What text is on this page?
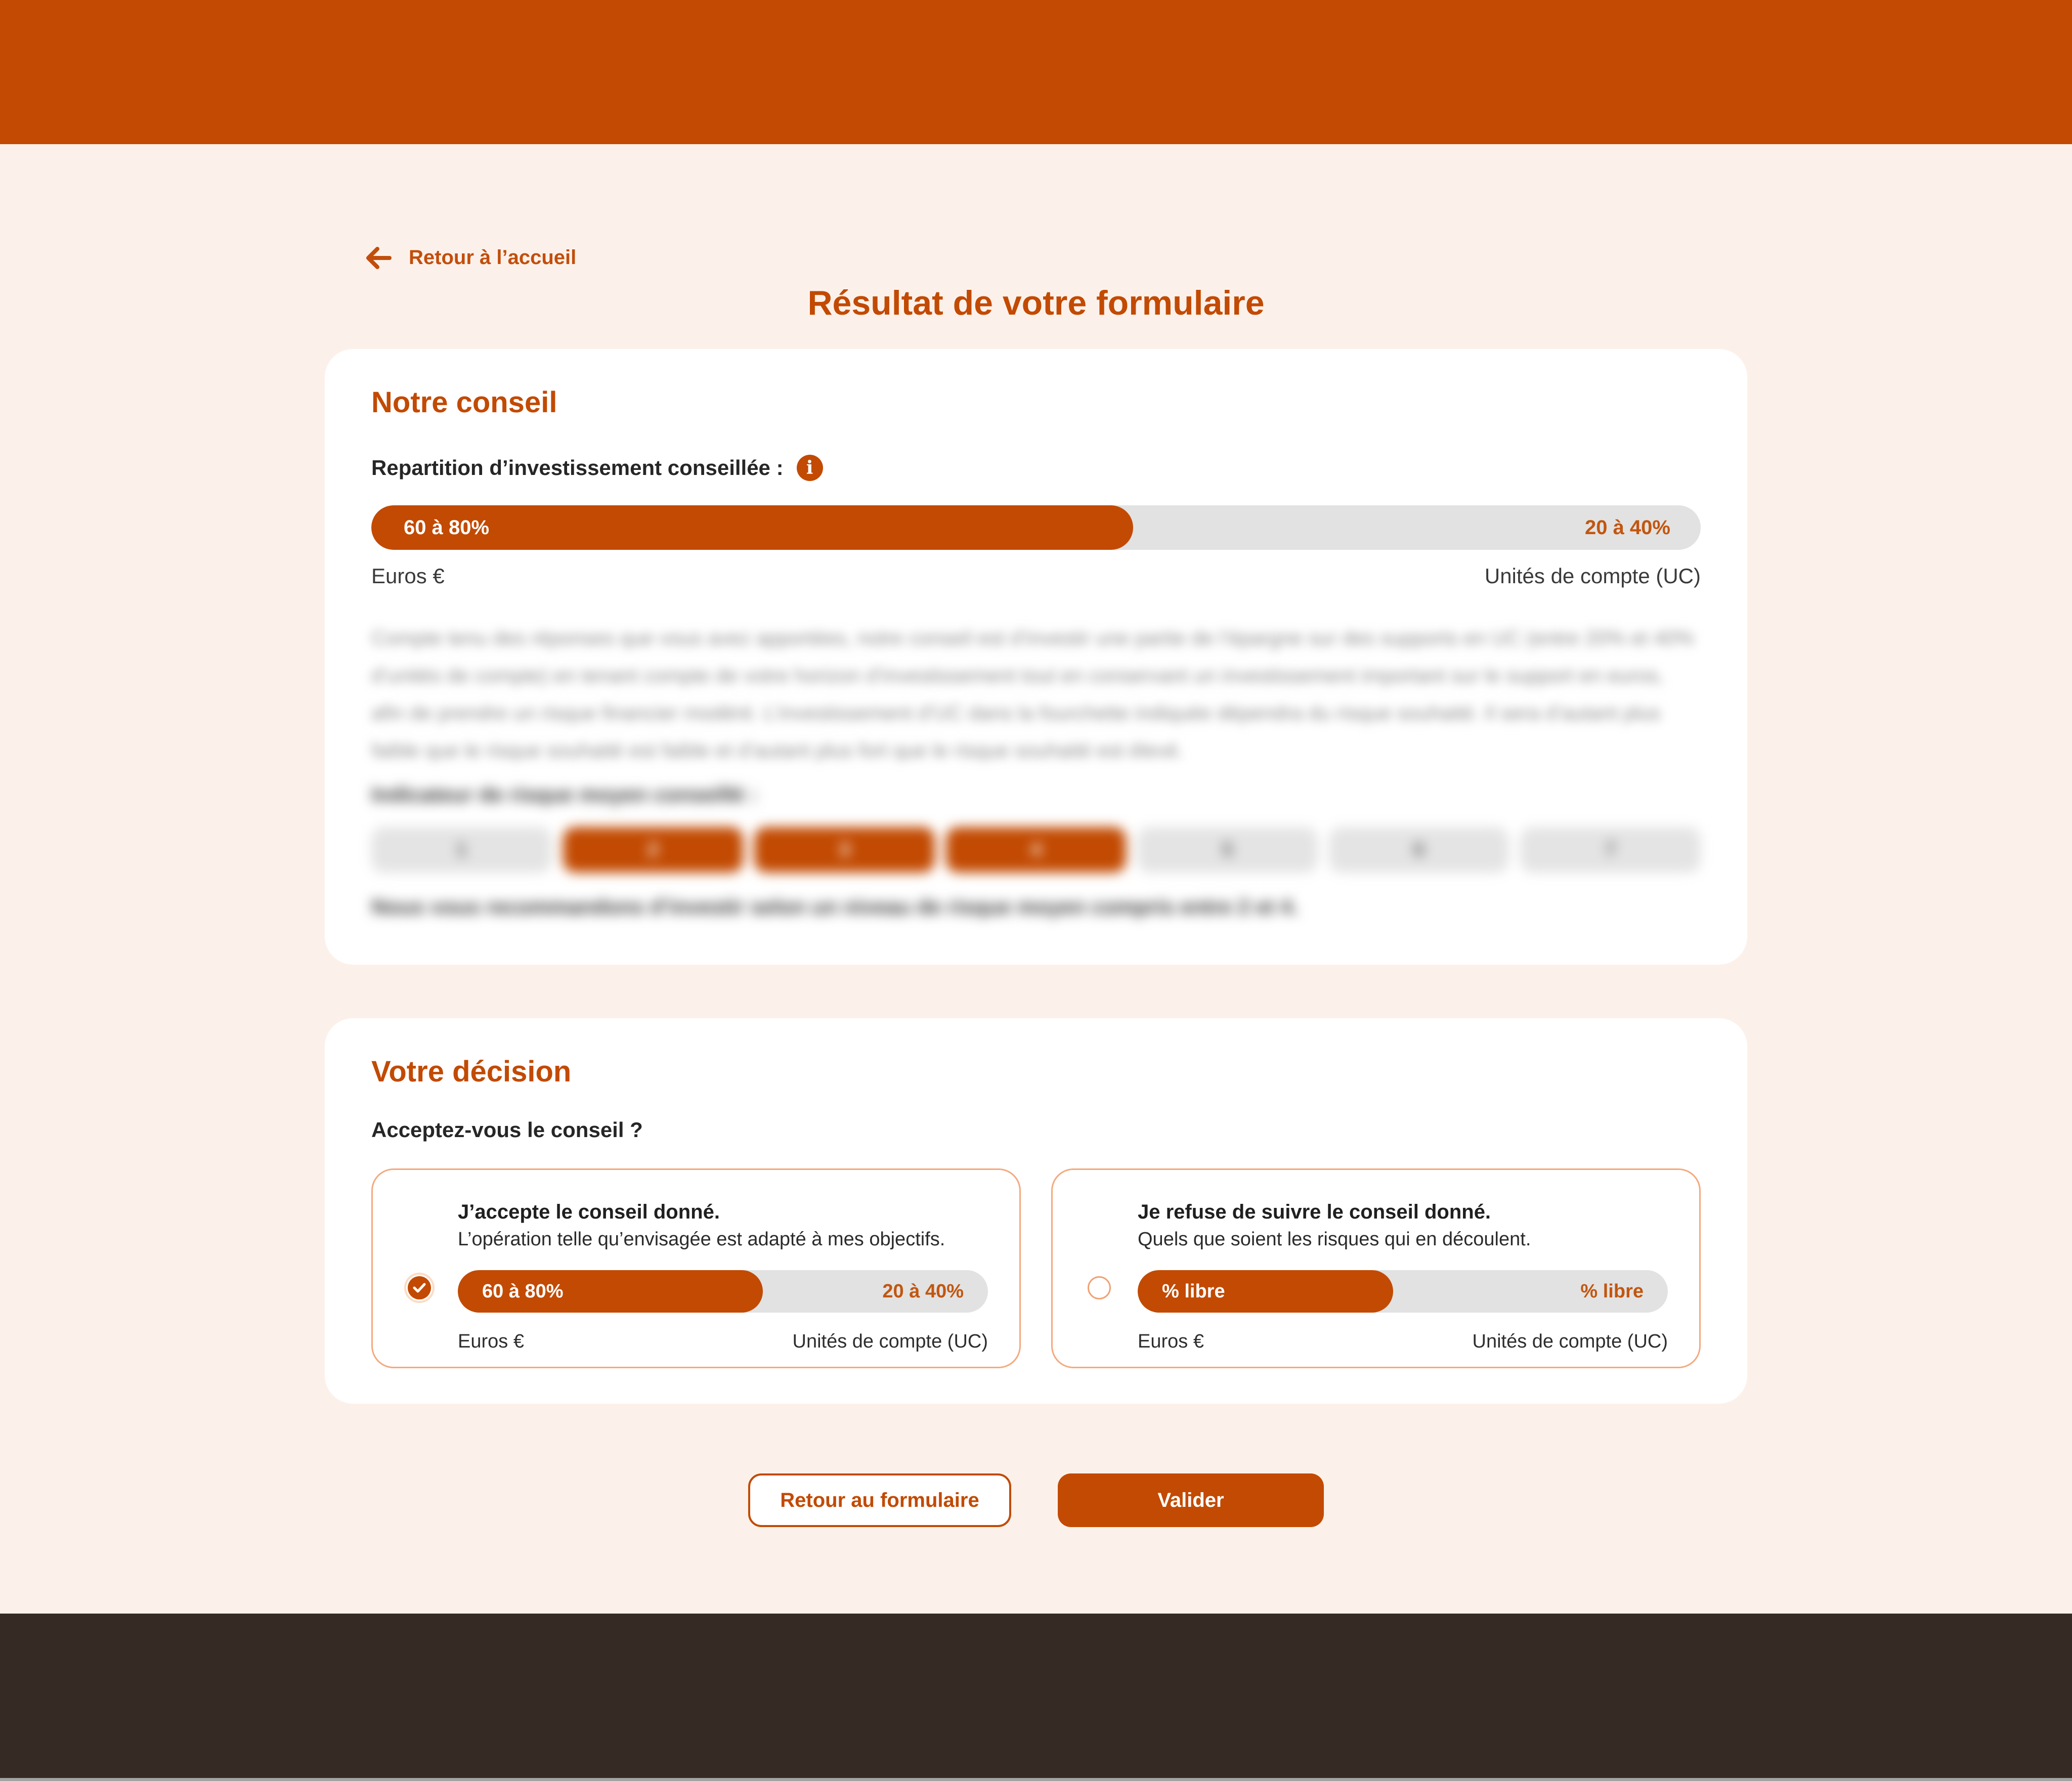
Retour à l’accueil
Résultat de votre formulaire
Notre conseil
Repartition d’investissement conseillée :	i
60 à 80%	20 à 40%
Euros €	Unités de compte (UC)
Compte tenu des réponses que vous avez apportées, notre conseil est d’investir une partie de l’épargne sur des supports en UC (entre 20% et 40% d’unités de compte) en tenant compte de votre horizon d’investissement tout en conservant un investissement important sur le support en euros, afin de prendre un risque financier modéré. L’investissement d’UC dans la fourchette indiquée dépendra du risque souhaité. Il sera d’autant plus faible que le risque souhaité est faible et d’autant plus fort que le risque souhaité est élevé.
Indicateur de risque moyen conseillé :
1	2	3	4	5	6	7
Nous vous recommandons d’investir selon un niveau de risque moyen compris entre 2 et 4.
Votre décision
Acceptez-vous le conseil ?
J’accepte le conseil donné.
L’opération telle qu’envisagée est adapté à mes objectifs.
60 à 80%	20 à 40%
Euros €	Unités de compte (UC)
Je refuse de suivre le conseil donné.
Quels que soient les risques qui en découlent.
% libre	% libre
Euros €	Unités de compte (UC)
Retour au formulaire	Valider
